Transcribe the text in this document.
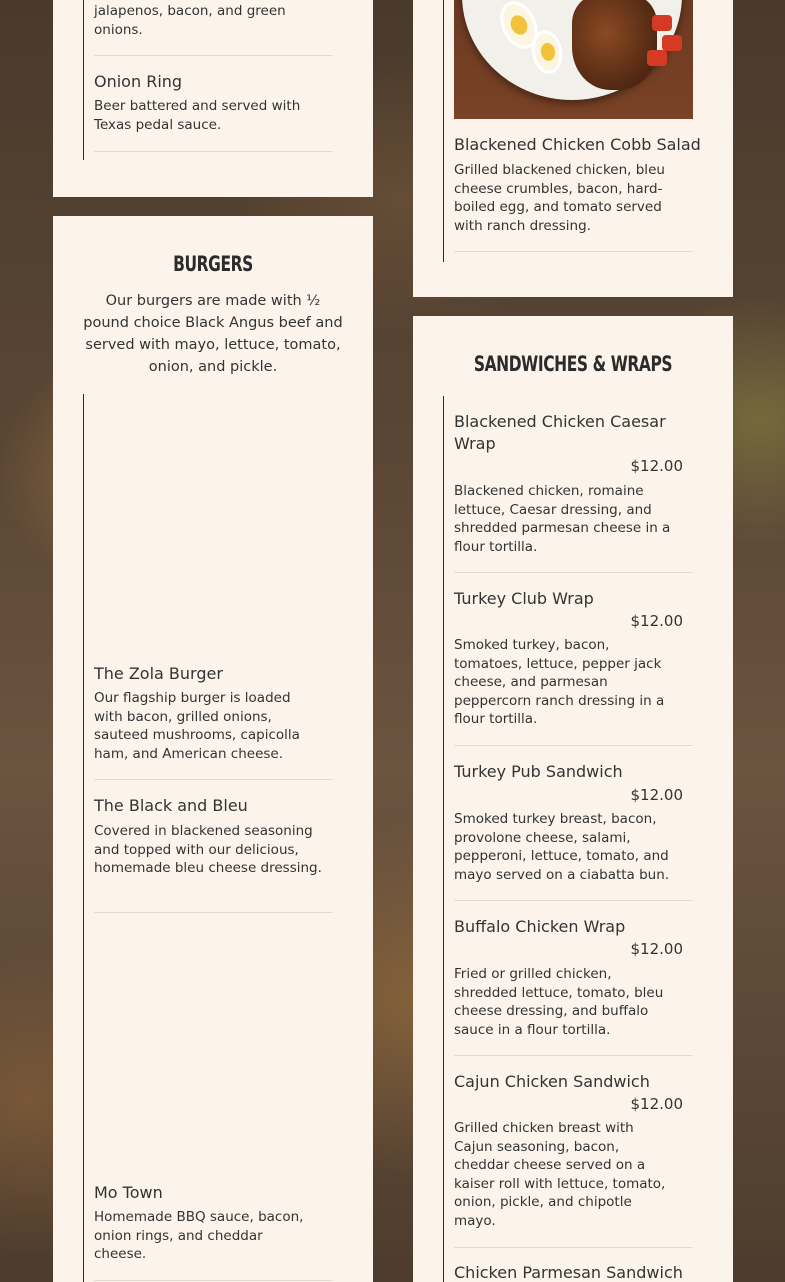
jalapenos, bacon, and green onions.
Onion Ring
Beer battered and served with Texas pedal sauce.
BURGERS
Our burgers are made with ½ pound choice Black Angus beef and served with mayo, lettuce, tomato, onion, and pickle.
The Zola Burger
Our flagship burger is loaded with bacon, grilled onions, sauteed mushrooms, capicolla ham, and American cheese.
The Black and Bleu
Covered in blackened seasoning and topped with our delicious, homemade bleu cheese dressing.
Mo Town
Homemade BBQ sauce, bacon, onion rings, and cheddar cheese.
Blackened Chicken Cobb Salad
Grilled blackened chicken, bleu cheese crumbles, bacon, hard-boiled egg, and tomato served with ranch dressing.
SANDWICHES & WRAPS
Blackened Chicken Caesar Wrap
$12.00
Blackened chicken, romaine lettuce, Caesar dressing, and shredded parmesan cheese in a flour tortilla.
Turkey Club Wrap
$12.00
Smoked turkey, bacon, tomatoes, lettuce, pepper jack cheese, and parmesan peppercorn ranch dressing in a flour tortilla.
Turkey Pub Sandwich
$12.00
Smoked turkey breast, bacon, provolone cheese, salami, pepperoni, lettuce, tomato, and mayo served on a ciabatta bun.
Buffalo Chicken Wrap
$12.00
Fried or grilled chicken, shredded lettuce, tomato, bleu cheese dressing, and buffalo sauce in a flour tortilla.
Cajun Chicken Sandwich
$12.00
Grilled chicken breast with Cajun seasoning, bacon, cheddar cheese served on a kaiser roll with lettuce, tomato, onion, pickle, and chipotle mayo.
Chicken Parmesan Sandwich
